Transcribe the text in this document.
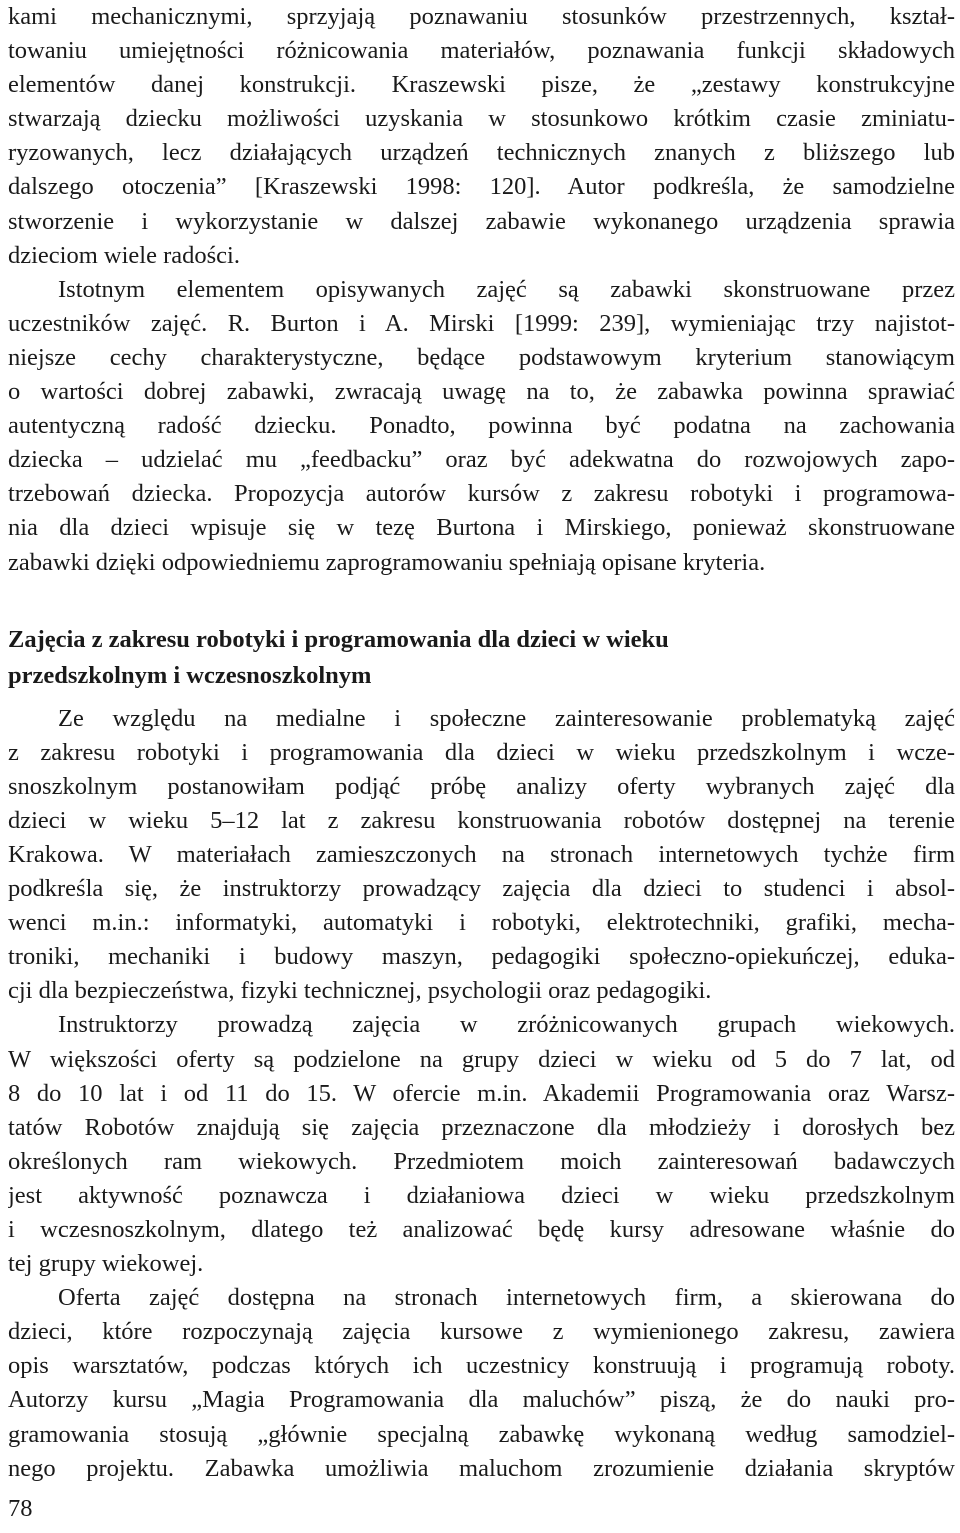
kami mechanicznymi, sprzyjają poznawaniu stosunków przestrzennych, kształ-
towaniu umiejętności różnicowania materiałów, poznawania funkcji składowych
elementów danej konstrukcji. Kraszewski pisze, że „zestawy konstrukcyjne
stwarzają dziecku możliwości uzyskania w stosunkowo krótkim czasie zminiatu-
ryzowanych, lecz działających urządzeń technicznych znanych z bliższego lub
dalszego otoczenia” [Kraszewski 1998: 120]. Autor podkreśla, że samodzielne
stworzenie i wykorzystanie w dalszej zabawie wykonanego urządzenia sprawia
dzieciom wiele radości.
Istotnym elementem opisywanych zajęć są zabawki skonstruowane przez
uczestników zajęć. R. Burton i A. Mirski [1999: 239], wymieniając trzy najistot-
niejsze cechy charakterystyczne, będące podstawowym kryterium stanowiącym
o wartości dobrej zabawki, zwracają uwagę na to, że zabawka powinna sprawiać
autentyczną radość dziecku. Ponadto, powinna być podatna na zachowania
dziecka – udzielać mu „feedbacku” oraz być adekwatna do rozwojowych zapo-
trzebowań dziecka. Propozycja autorów kursów z zakresu robotyki i programowa-
nia dla dzieci wpisuje się w tezę Burtona i Mirskiego, ponieważ skonstruowane
zabawki dzięki odpowiedniemu zaprogramowaniu spełniają opisane kryteria.
Zajęcia z zakresu robotyki i programowania dla dzieci w wieku
przedszkolnym i wczesnoszkolnym
Ze względu na medialne i społeczne zainteresowanie problematyką zajęć
z zakresu robotyki i programowania dla dzieci w wieku przedszkolnym i wcze-
snoszkolnym postanowiłam podjąć próbę analizy oferty wybranych zajęć dla
dzieci w wieku 5–12 lat z zakresu konstruowania robotów dostępnej na terenie
Krakowa. W materiałach zamieszczonych na stronach internetowych tychże firm
podkreśla się, że instruktorzy prowadzący zajęcia dla dzieci to studenci i absol-
wenci m.in.: informatyki, automatyki i robotyki, elektrotechniki, grafiki, mecha-
troniki, mechaniki i budowy maszyn, pedagogiki społeczno-opiekuńczej, eduka-
cji dla bezpieczeństwa, fizyki technicznej, psychologii oraz pedagogiki.
Instruktorzy prowadzą zajęcia w zróżnicowanych grupach wiekowych.
W większości oferty są podzielone na grupy dzieci w wieku od 5 do 7 lat, od
8 do 10 lat i od 11 do 15. W ofercie m.in. Akademii Programowania oraz Warsz-
tatów Robotów znajdują się zajęcia przeznaczone dla młodzieży i dorosłych bez
określonych ram wiekowych. Przedmiotem moich zainteresowań badawczych
jest aktywność poznawcza i działaniowa dzieci w wieku przedszkolnym
i wczesnoszkolnym, dlatego też analizować będę kursy adresowane właśnie do
tej grupy wiekowej.
Oferta zajęć dostępna na stronach internetowych firm, a skierowana do
dzieci, które rozpoczynają zajęcia kursowe z wymienionego zakresu, zawiera
opis warsztatów, podczas których ich uczestnicy konstruują i programują roboty.
Autorzy kursu „Magia Programowania dla maluchów” piszą, że do nauki pro-
gramowania stosują „głównie specjalną zabawkę wykonaną według samodziel-
nego projektu. Zabawka umożliwia maluchom zrozumienie działania skryptów
78
